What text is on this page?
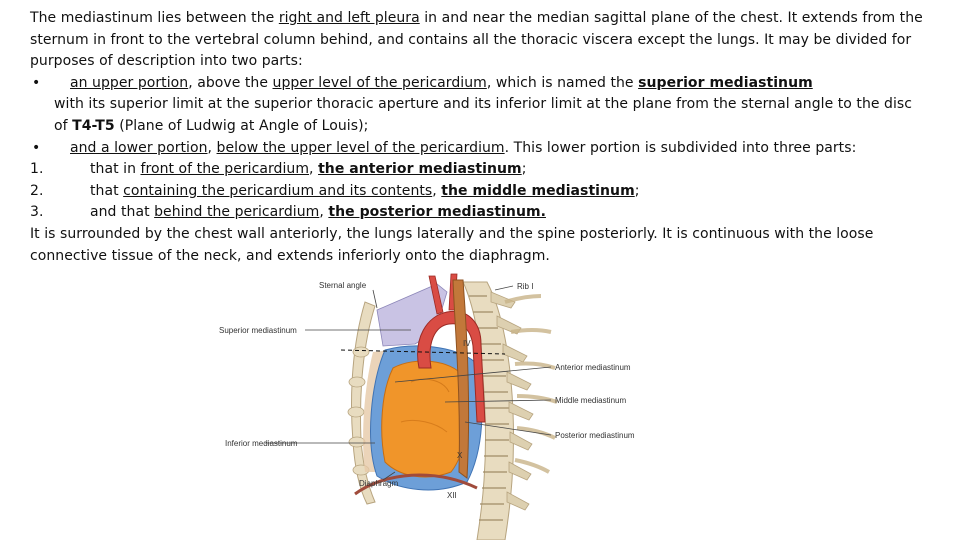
The mediastinum lies between the right and left pleura in and near the median sagittal plane of the chest. It extends from the sternum in front to the vertebral column behind, and contains all the thoracic viscera except the lungs. It may be divided for purposes of description into two parts:

•	an upper portion, above the upper level of the pericardium, which is named the superior mediastinum

with its superior limit at the superior thoracic aperture and its inferior limit at the plane from the sternal angle to the disc of T4-T5 (Plane of Ludwig at Angle of Louis);

•	and a lower portion, below the upper level of the pericardium. This lower portion is subdivided into three parts:
1.	that in front of the pericardium, the anterior mediastinum;
2.	that containing the pericardium and its contents, the middle mediastinum;
3.	and that behind the pericardium, the posterior mediastinum.

It is surrounded by the chest wall anteriorly, the lungs laterally and the spine posteriorly. It is continuous with the loose connective tissue of the neck, and extends inferiorly onto the diaphragm.

Sternal angle	Rib I
Superior mediastinum
Anterior mediastinum
Middle mediastinum
Posterior mediastinum
Inferior mediastinum
Diaphragm
IV
X
XII
